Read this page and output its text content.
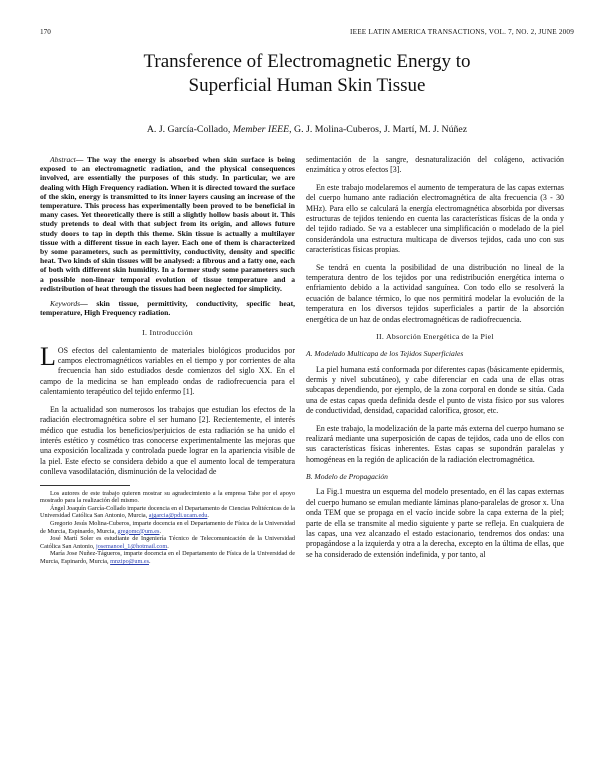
170	IEEE LATIN AMERICA TRANSACTIONS, VOL. 7, NO. 2, JUNE 2009
Transference of Electromagnetic Energy to
Superficial Human Skin Tissue
A. J. García-Collado, Member IEEE, G. J. Molina-Cuberos, J. Martí, M. J. Núñez

Abstract— The way the energy is absorbed when skin surface is being exposed to an electromagnetic radiation, and the physical consequences involved, are essentially the purposes of this study. In particular, we are dealing with High Frequency radiation. When it is directed toward the surface of the skin, energy is transmitted to its inner layers causing an increase of the temperature. This process has experimentally been proved to be beneficial in many cases. Yet theoretically there is still a slightly hollow basis about it. This study pretends to deal with that subject from its origin, and allows future study doors to tap in depth this theme. Skin tissue is actually a multilayer tissue with a different tissue in each layer. Each one of them is characterized by some parameters, such as permittivity, conductivity, density and specific heat. Two kinds of skin tissues will be analysed: a fibrous and a fatty one, each of both with different skin humidity. In a former study some parameters such a possible non-linear temporal evolution of tissue temperature and a redistribution of heat through the tissues had been neglected for simplicity.

Keywords— skin tissue, permittivity, conductivity, specific heat, temperature, High Frequency radiation.

I. Introducción

LOS efectos del calentamiento de materiales biológicos producidos por campos electromagnéticos variables en el tiempo y por corrientes de alta frecuencia han sido estudiados desde comienzos del siglo XX. En el campo de la medicina se han empleado ondas de radiofrecuencia para el calentamiento terapéutico del tejido enfermo [1].

En la actualidad son numerosos los trabajos que estudian los efectos de la radiación electromagnética sobre el ser humano [2]. Recientemente, el interés médico que estudia los beneficios/perjuicios de esta radiación se ha unido el interés estético y cosmético tras conocerse experimentalmente las mejoras que una exposición localizada y controlada puede lograr en la apariencia visible de la piel. Este efecto se considera debido a que el aumento local de temperatura conlleva vasodilatación, disminución de la velocidad de

Los autores de este trabajo quieren mostrar su agradecimiento a la empresa Tahe por el apoyo mostrado para la realización del mismo.

Ángel Joaquín García-Collado imparte docencia en el Departamento de Ciencias Politécnicas de la Universidad Católica San Antonio, Murcia, ajgarcia@pdi.ucam.edu.

Gregorio Jesús Molina-Cuberos, imparte docencia en el Departamento de Física de la Universidad de Murcia, Espinardo, Murcia, gregomc@um.es.

José Martí Soler es estudiante de Ingeniería Técnico de Telecomunicación de la Universidad Católica San Antonio, josemanoel_1@hotmail.com.

María Jose Nuñez-Tágueros, imparte docencia en el Departamento de Física de la Universidad de Murcia, Espinardo, Murcia, mnzipo@um.es.

sedimentación de la sangre, desnaturalización del colágeno, activación enzimática y otros efectos [3].

En este trabajo modelaremos el aumento de temperatura de las capas externas del cuerpo humano ante radiación electromagnética de alta frecuencia (3 - 30 MHz). Para ello se calculará la energía electromagnética absorbida por diversas estructuras de tejidos teniendo en cuenta las características físicas de la onda y del tejido radiado. Se va a establecer una simplificación o modelado de la piel considerándola una estructura multicapa de diversos tejidos, cada uno con sus características físicas propias.

Se tendrá en cuenta la posibilidad de una distribución no lineal de la temperatura dentro de los tejidos por una redistribución energética interna o enfriamiento debido a la actividad sanguínea. Con todo ello se resolverá la ecuación de balance térmico, lo que nos permitirá modelar la evolución de la temperatura en los diversos tejidos superficiales a partir de la absorción energética de un haz de ondas electromagnéticas de radiofrecuencia.

II. Absorción Energética de la Piel
A. Modelado Multicapa de los Tejidos Superficiales

La piel humana está conformada por diferentes capas (básicamente epidermis, dermis y nivel subcutáneo), y cabe diferenciar en cada una de ellas otras subcapas dependiendo, por ejemplo, de la zona corporal en donde se sitúa. Cada una de estas capas queda definida desde el punto de vista físico por sus valores de conductividad, densidad, capacidad calorífica, grosor, etc.

En este trabajo, la modelización de la parte más externa del cuerpo humano se realizará mediante una superposición de capas de tejidos, cada uno de ellos con sus características físicas inherentes. Estas capas se supondrán paralelas y homogéneas en la región de aplicación de la radiación electromagnética.

B. Modelo de Propagación

La Fig.1 muestra un esquema del modelo presentado, en él las capas externas del cuerpo humano se emulan mediante láminas plano-paralelas de grosor x. Una onda TEM que se propaga en el vacío incide sobre la capa externa de la piel; parte de ella se transmite al medio siguiente y parte se refleja. En cualquiera de las capas, una vez alcanzado el estado estacionario, tendremos dos ondas: una propagándose a la izquierda y otra a la derecha, excepto en la última de ellas, que se ha considerado de extensión indefinida, y por tanto, al
